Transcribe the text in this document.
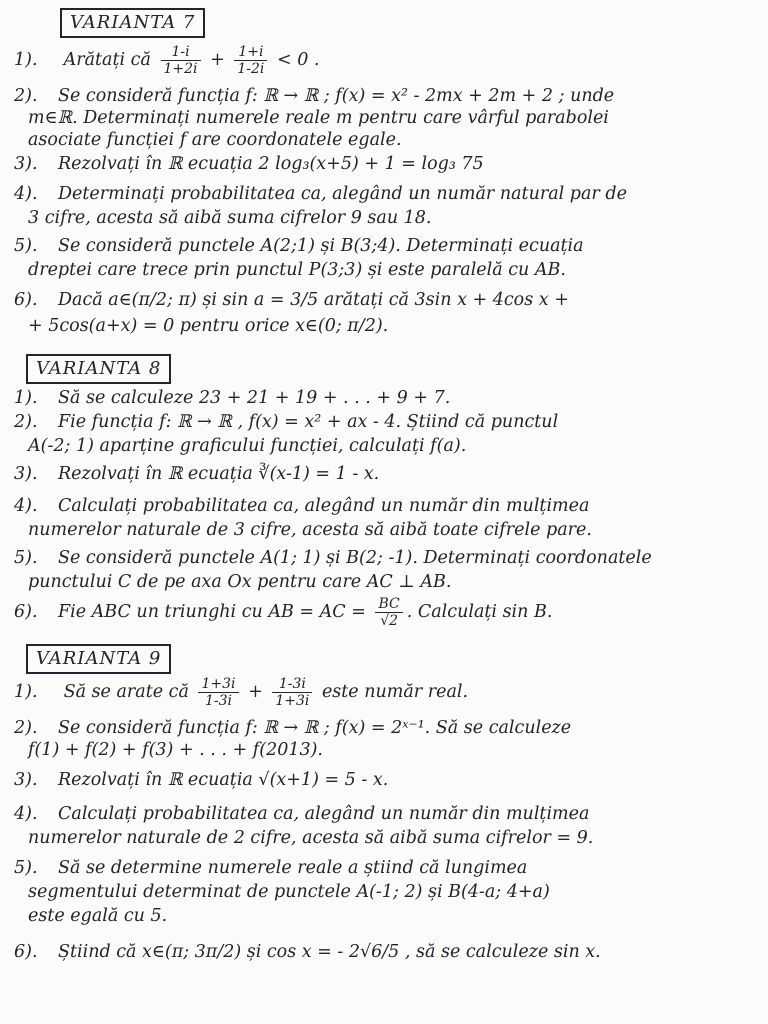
VARIANTA 7
1). Arătați că $\frac{1-i}{1+2i} + \frac{1+i}{1-2i} < 0$ .
2). Se consideră funcția f: ℝ → ℝ ; f(x) = x² - 2mx + 2m + 2 ; unde
m∈ℝ. Determinați numerele reale m pentru care vârful parabolei
asociate funcției f are coordonatele egale.
3). Rezolvați în ℝ ecuația 2 log₃(x+5) + 1 = log₃ 75
4). Determinați probabilitatea ca, alegând un număr natural par de
3 cifre, acesta să aibă suma cifrelor 9 sau 18.
5). Se consideră punctele A(2;1) și B(3;4). Determinați ecuația
dreptei care trece prin punctul P(3;3) și este paralelă cu AB.
6). Dacă a∈(π/2; π) și sin a = 3/5 arătați că 3sin x + 4cos x +
+ 5cos(a+x) = 0 pentru orice x∈(0; π/2).
VARIANTA 8
1). Să se calculeze 23 + 21 + 19 + . . . + 9 + 7.
2). Fie funcția f: ℝ → ℝ , f(x) = x² + ax - 4. Știind că punctul
A(-2; 1) aparține graficului funcției, calculați f(a).
3). Rezolvați în ℝ ecuația ∛(x-1) = 1 - x.
4). Calculați probabilitatea ca, alegând un număr din mulțimea
numerelor naturale de 3 cifre, acesta să aibă toate cifrele pare.
5). Se consideră punctele A(1; 1) și B(2; -1). Determinați coordonatele
punctului C de pe axa Ox pentru care AC ⊥ AB.
6). Fie ABC un triunghi cu AB = AC = $\frac{BC}{√2}$ . Calculați sin B.
VARIANTA 9
1). Să se arate că $\frac{1+3i}{1-3i} + \frac{1-3i}{1+3i}$ este număr real.
2). Se consideră funcția f: ℝ → ℝ ; f(x) = 2ˣ⁻¹. Să se calculeze
f(1) + f(2) + f(3) + . . . + f(2013).
3). Rezolvați în ℝ ecuația √(x+1) = 5 - x.
4). Calculați probabilitatea ca, alegând un număr din mulțimea
numerelor naturale de 2 cifre, acesta să aibă suma cifrelor = 9.
5). Să se determine numerele reale a știind că lungimea
segmentului determinat de punctele A(-1; 2) și B(4-a; 4+a)
este egală cu 5.
6). Știind că x∈(π; 3π/2) și cos x = - 2√6/5 , să se calculeze sin x.
